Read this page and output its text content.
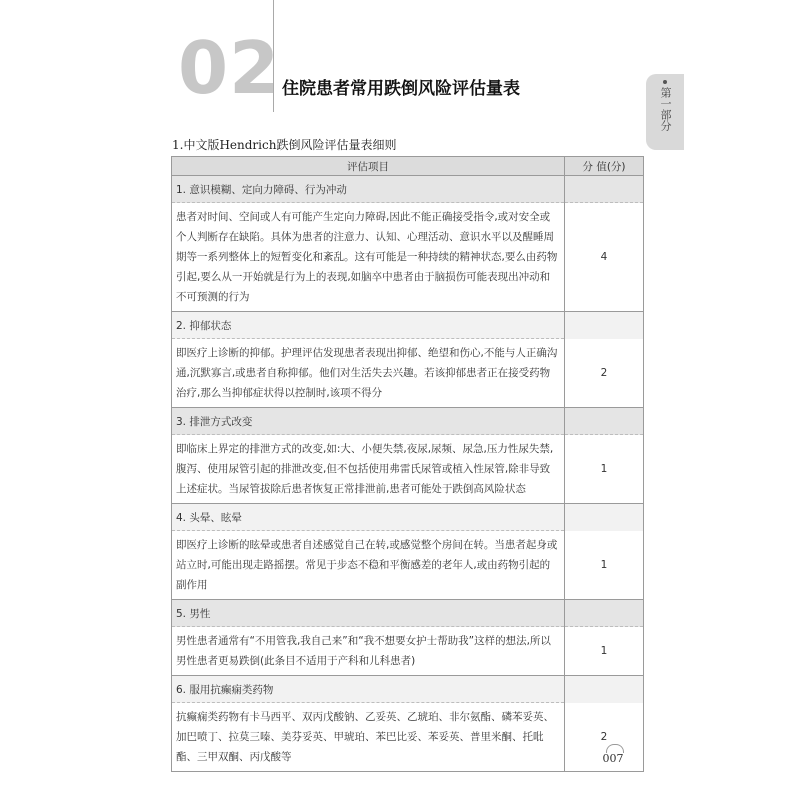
02 住院患者常用跌倒风险评估量表	第一部分
1.中文版Hendrich跌倒风险评估量表细则
评估项目	分 值(分)
1. 意识模糊、定向力障碍、行为冲动	
患者对时间、空间或人有可能产生定向力障碍,因此不能正确接受指令,或对安全或个人判断存在缺陷。具体为患者的注意力、认知、心理活动、意识水平以及醒睡周期等一系列整体上的短暂变化和紊乱。这有可能是一种持续的精神状态,要么由药物引起,要么从一开始就是行为上的表现,如脑卒中患者由于脑损伤可能表现出冲动和不可预测的行为	4
2. 抑郁状态	
即医疗上诊断的抑郁。护理评估发现患者表现出抑郁、绝望和伤心,不能与人正确沟通,沉默寡言,或患者自称抑郁。他们对生活失去兴趣。若该抑郁患者正在接受药物治疗,那么当抑郁症状得以控制时,该项不得分	2
3. 排泄方式改变	
即临床上界定的排泄方式的改变,如:大、小便失禁,夜尿,尿频、尿急,压力性尿失禁,腹泻、使用尿管引起的排泄改变,但不包括使用弗雷氏尿管或植入性尿管,除非导致上述症状。当尿管拔除后患者恢复正常排泄前,患者可能处于跌倒高风险状态	1
4. 头晕、眩晕	
即医疗上诊断的眩晕或患者自述感觉自己在转,或感觉整个房间在转。当患者起身或站立时,可能出现走路摇摆。常见于步态不稳和平衡感差的老年人,或由药物引起的副作用	1
5. 男性	
男性患者通常有“不用管我,我自己来”和“我不想要女护士帮助我”这样的想法,所以男性患者更易跌倒(此条目不适用于产科和儿科患者)	1
6. 服用抗癫痫类药物	
抗癫痫类药物有卡马西平、双丙戊酸钠、乙妥英、乙琥珀、非尔氨酯、磷苯妥英、加巴喷丁、拉莫三嗪、美芬妥英、甲琥珀、苯巴比妥、苯妥英、普里米酮、托吡酯、三甲双酮、丙戊酸等	2
007
